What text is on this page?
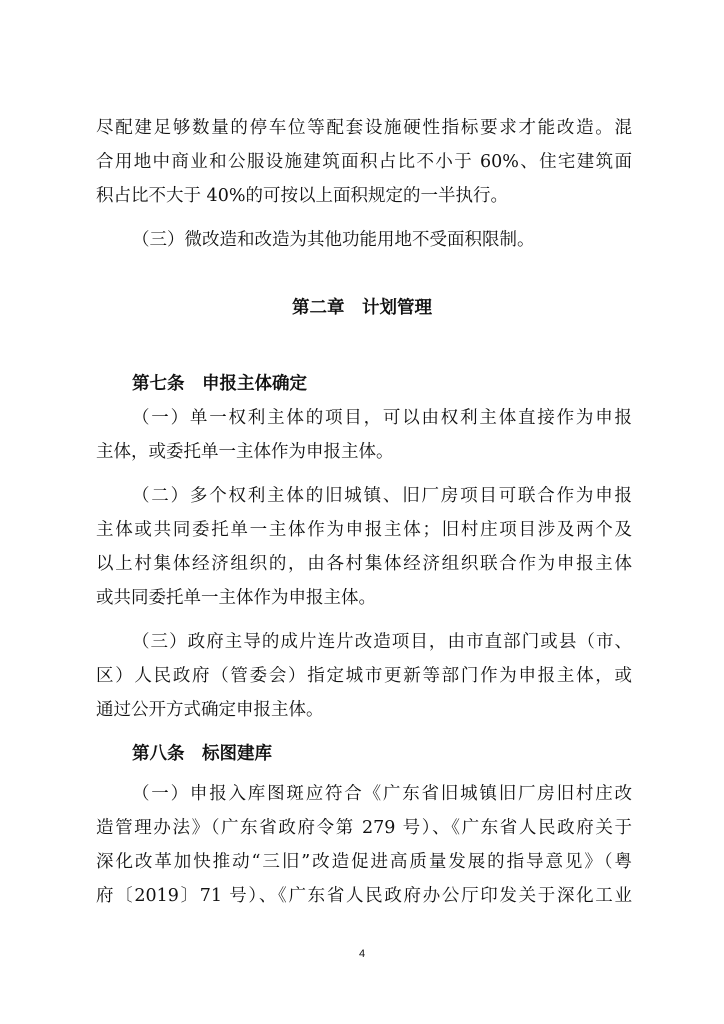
尽配建足够数量的停车位等配套设施硬性指标要求才能改造。混
合用地中商业和公服设施建筑面积占比不小于 60%、住宅建筑面
积占比不大于 40%的可按以上面积规定的一半执行。
（三）微改造和改造为其他功能用地不受面积限制。
第二章　计划管理
第七条　申报主体确定
（一）单一权利主体的项目，可以由权利主体直接作为申报
主体，或委托单一主体作为申报主体。
（二）多个权利主体的旧城镇、旧厂房项目可联合作为申报
主体或共同委托单一主体作为申报主体；旧村庄项目涉及两个及
以上村集体经济组织的，由各村集体经济组织联合作为申报主体
或共同委托单一主体作为申报主体。
（三）政府主导的成片连片改造项目，由市直部门或县（市、
区）人民政府（管委会）指定城市更新等部门作为申报主体，或
通过公开方式确定申报主体。
第八条　标图建库
（一）申报入库图斑应符合《广东省旧城镇旧厂房旧村庄改
造管理办法》（广东省政府令第 279 号）、《广东省人民政府关于
深化改革加快推动“三旧”改造促进高质量发展的指导意见》（粤
府〔2019〕71 号）、《广东省人民政府办公厅印发关于深化工业
4
